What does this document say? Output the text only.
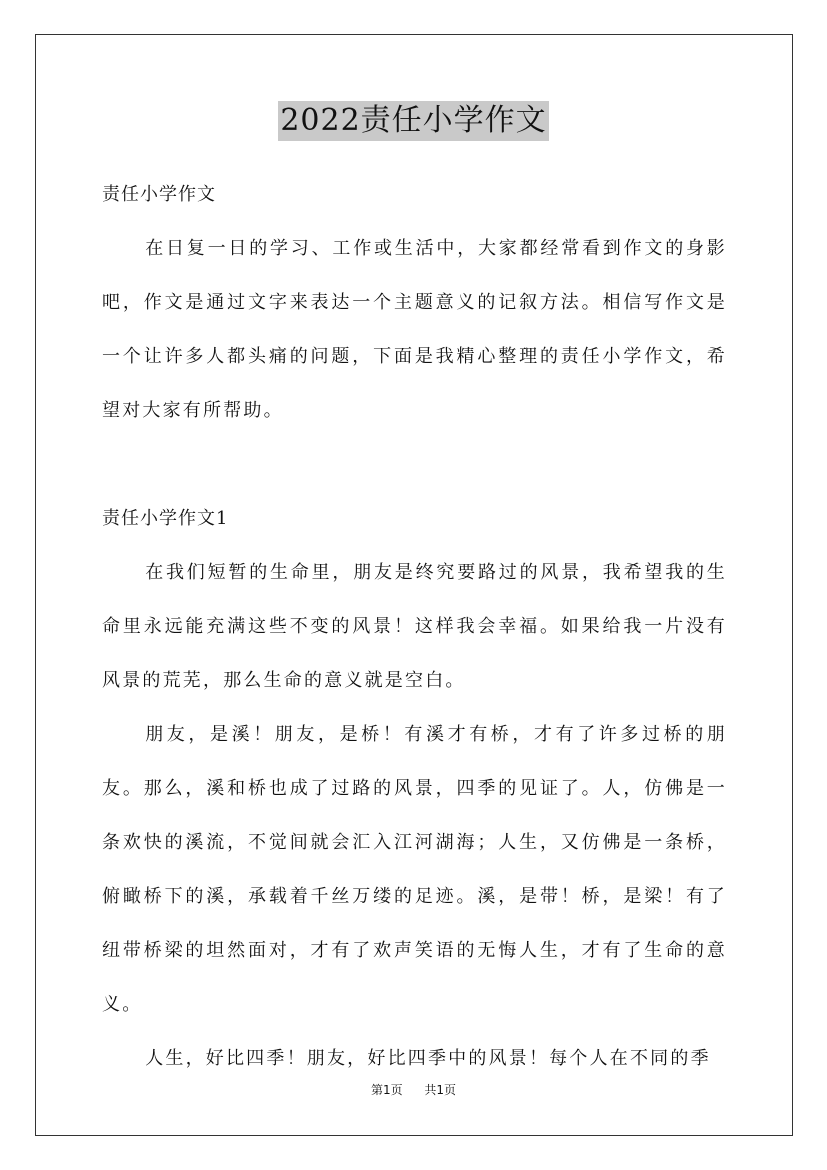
2022责任小学作文

责任小学作文

在日复一日的学习、工作或生活中，大家都经常看到作文的身影吧，作文是通过文字来表达一个主题意义的记叙方法。相信写作文是一个让许多人都头痛的问题，下面是我精心整理的责任小学作文，希望对大家有所帮助。

责任小学作文1

在我们短暂的生命里，朋友是终究要路过的风景，我希望我的生命里永远能充满这些不变的风景！这样我会幸福。如果给我一片没有风景的荒芜，那么生命的意义就是空白。

朋友，是溪！朋友，是桥！有溪才有桥，才有了许多过桥的朋友。那么，溪和桥也成了过路的风景，四季的见证了。人，仿佛是一条欢快的溪流，不觉间就会汇入江河湖海；人生，又仿佛是一条桥，俯瞰桥下的溪，承载着千丝万缕的足迹。溪，是带！桥，是梁！有了纽带桥梁的坦然面对，才有了欢声笑语的无悔人生，才有了生命的意义。

人生，好比四季！朋友，好比四季中的风景！每个人在不同的季

第1页 共1页
